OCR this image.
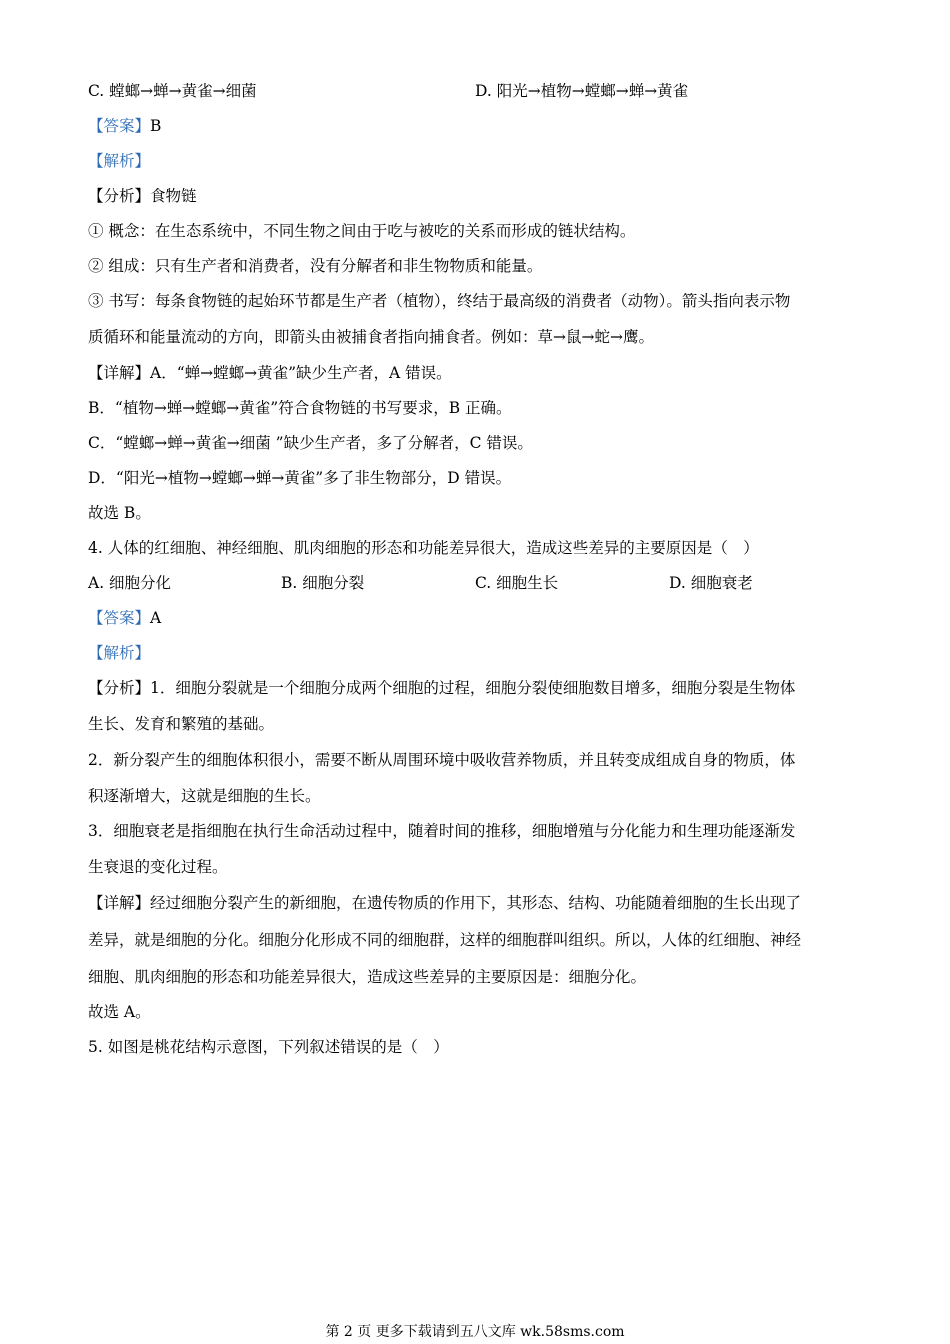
C. 螳螂→蝉→黄雀→细菌	D. 阳光→植物→螳螂→蝉→黄雀
【答案】B
【解析】
【分析】食物链
① 概念：在生态系统中，不同生物之间由于吃与被吃的关系而形成的链状结构。
② 组成：只有生产者和消费者，没有分解者和非生物物质和能量。
③ 书写：每条食物链的起始环节都是生产者（植物），终结于最高级的消费者（动物）。箭头指向表示物
质循环和能量流动的方向，即箭头由被捕食者指向捕食者。例如：草→鼠→蛇→鹰。
【详解】A．“蝉→螳螂→黄雀”缺少生产者，A 错误。
B．“植物→蝉→螳螂→黄雀”符合食物链的书写要求，B 正确。
C．“螳螂→蝉→黄雀→细菌 ”缺少生产者，多了分解者，C 错误。
D．“阳光→植物→螳螂→蝉→黄雀”多了非生物部分，D 错误。
故选 B。
4. 人体的红细胞、神经细胞、肌肉细胞的形态和功能差异很大，造成这些差异的主要原因是（　）
A. 细胞分化	B. 细胞分裂	C. 细胞生长	D. 细胞衰老
【答案】A
【解析】
【分析】1．细胞分裂就是一个细胞分成两个细胞的过程，细胞分裂使细胞数目增多，细胞分裂是生物体
生长、发育和繁殖的基础。
2．新分裂产生的细胞体积很小，需要不断从周围环境中吸收营养物质，并且转变成组成自身的物质，体
积逐渐增大，这就是细胞的生长。
3．细胞衰老是指细胞在执行生命活动过程中，随着时间的推移，细胞增殖与分化能力和生理功能逐渐发
生衰退的变化过程。
【详解】经过细胞分裂产生的新细胞，在遗传物质的作用下，其形态、结构、功能随着细胞的生长出现了
差异，就是细胞的分化。细胞分化形成不同的细胞群，这样的细胞群叫组织。所以，人体的红细胞、神经
细胞、肌肉细胞的形态和功能差异很大，造成这些差异的主要原因是：细胞分化。
故选 A。
5. 如图是桃花结构示意图，下列叙述错误的是（　）
第 2 页 更多下载请到五八文库 wk.58sms.com
